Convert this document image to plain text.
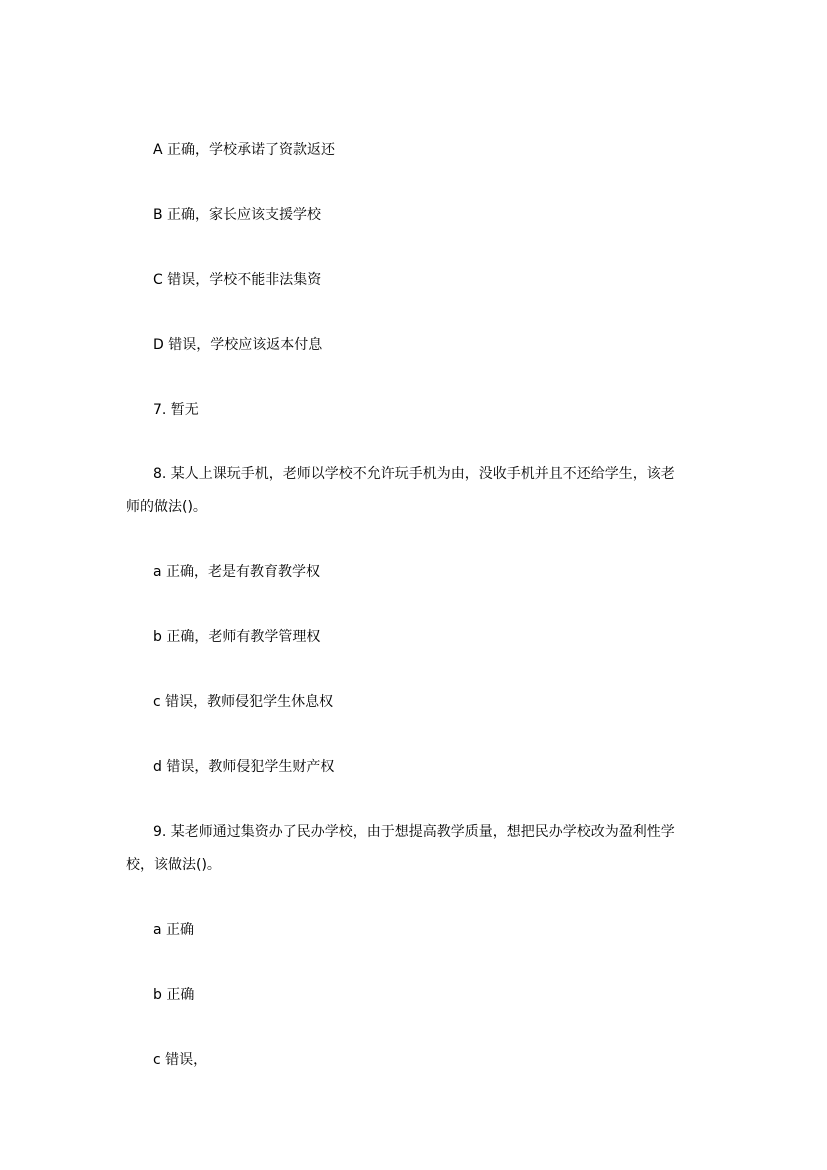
A 正确，学校承诺了资款返还
B 正确，家长应该支援学校
C 错误，学校不能非法集资
D 错误，学校应该返本付息
7. 暂无
8. 某人上课玩手机，老师以学校不允许玩手机为由，没收手机并且不还给学生，该老
师的做法()。
a 正确，老是有教育教学权
b 正确，老师有教学管理权
c 错误，教师侵犯学生休息权
d 错误，教师侵犯学生财产权
9. 某老师通过集资办了民办学校，由于想提高教学质量，想把民办学校改为盈利性学
校，该做法()。
a 正确
b 正确
c 错误，
